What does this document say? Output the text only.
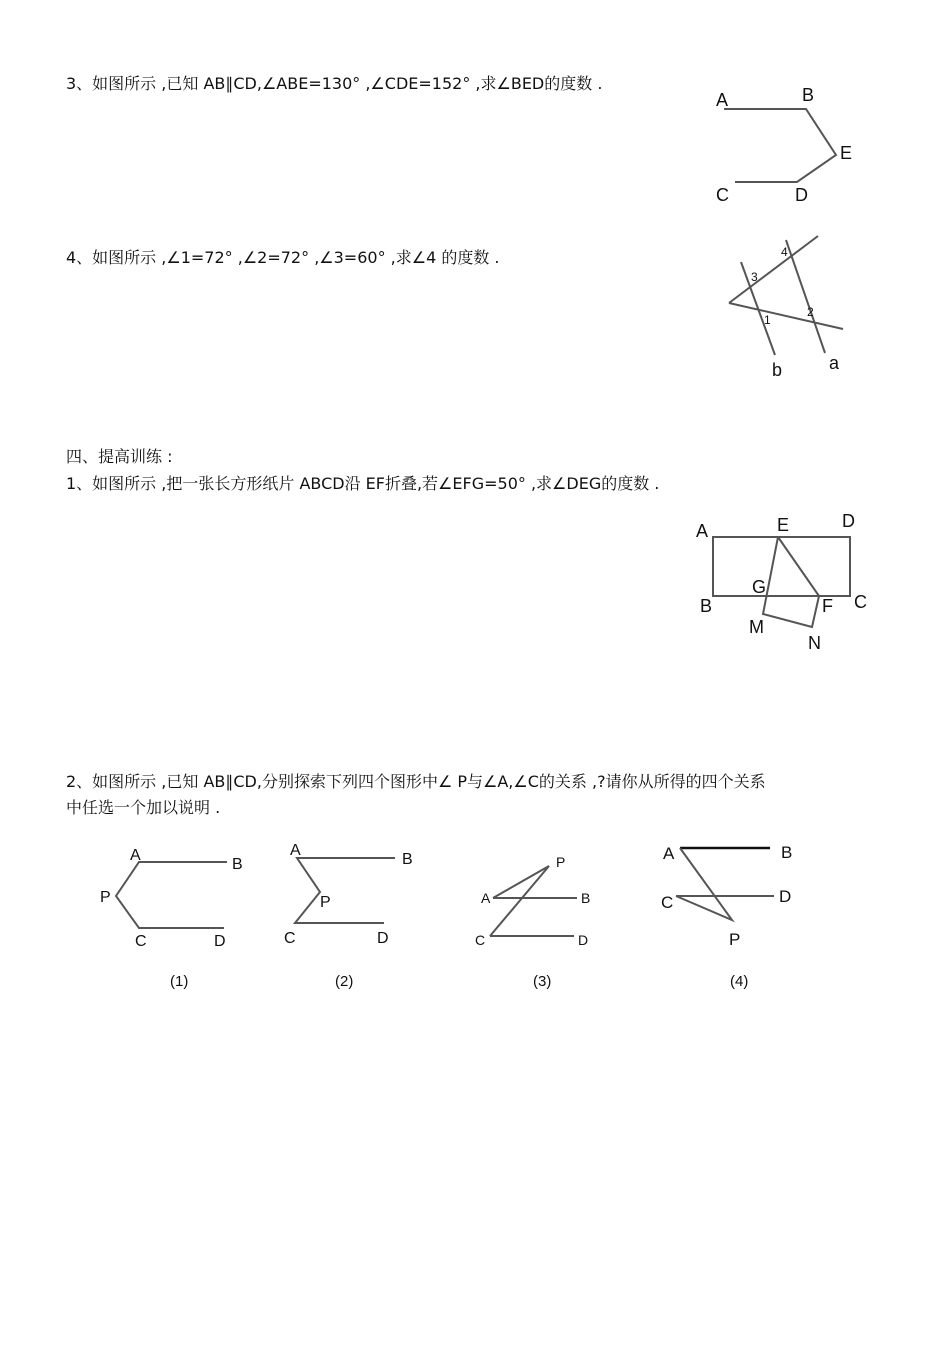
3、如图所示 ,已知 AB∥CD,∠ABE=130° ,∠CDE=152° ,求∠BED的度数 .
4、如图所示 ,∠1=72° ,∠2=72° ,∠3=60° ,求∠4 的度数 .
四、提高训练 :
1、如图所示 ,把一张长方形纸片 ABCD沿 EF折叠,若∠EFG=50° ,求∠DEG的度数 .
2、如图所示 ,已知 AB∥CD,分别探索下列四个图形中∠ P与∠A,∠C的关系 ,?请你从所得的四个关系
中任选一个加以说明 .
A	B
E
C	D
3
4
1
2
b	a
A	E	D
G
B	F C
M
N
A
B
P
C	D
(1)
A
B
P
C	D
(2)
P
A	B
C	D
(3)
A	B
C	D
P
(4)
